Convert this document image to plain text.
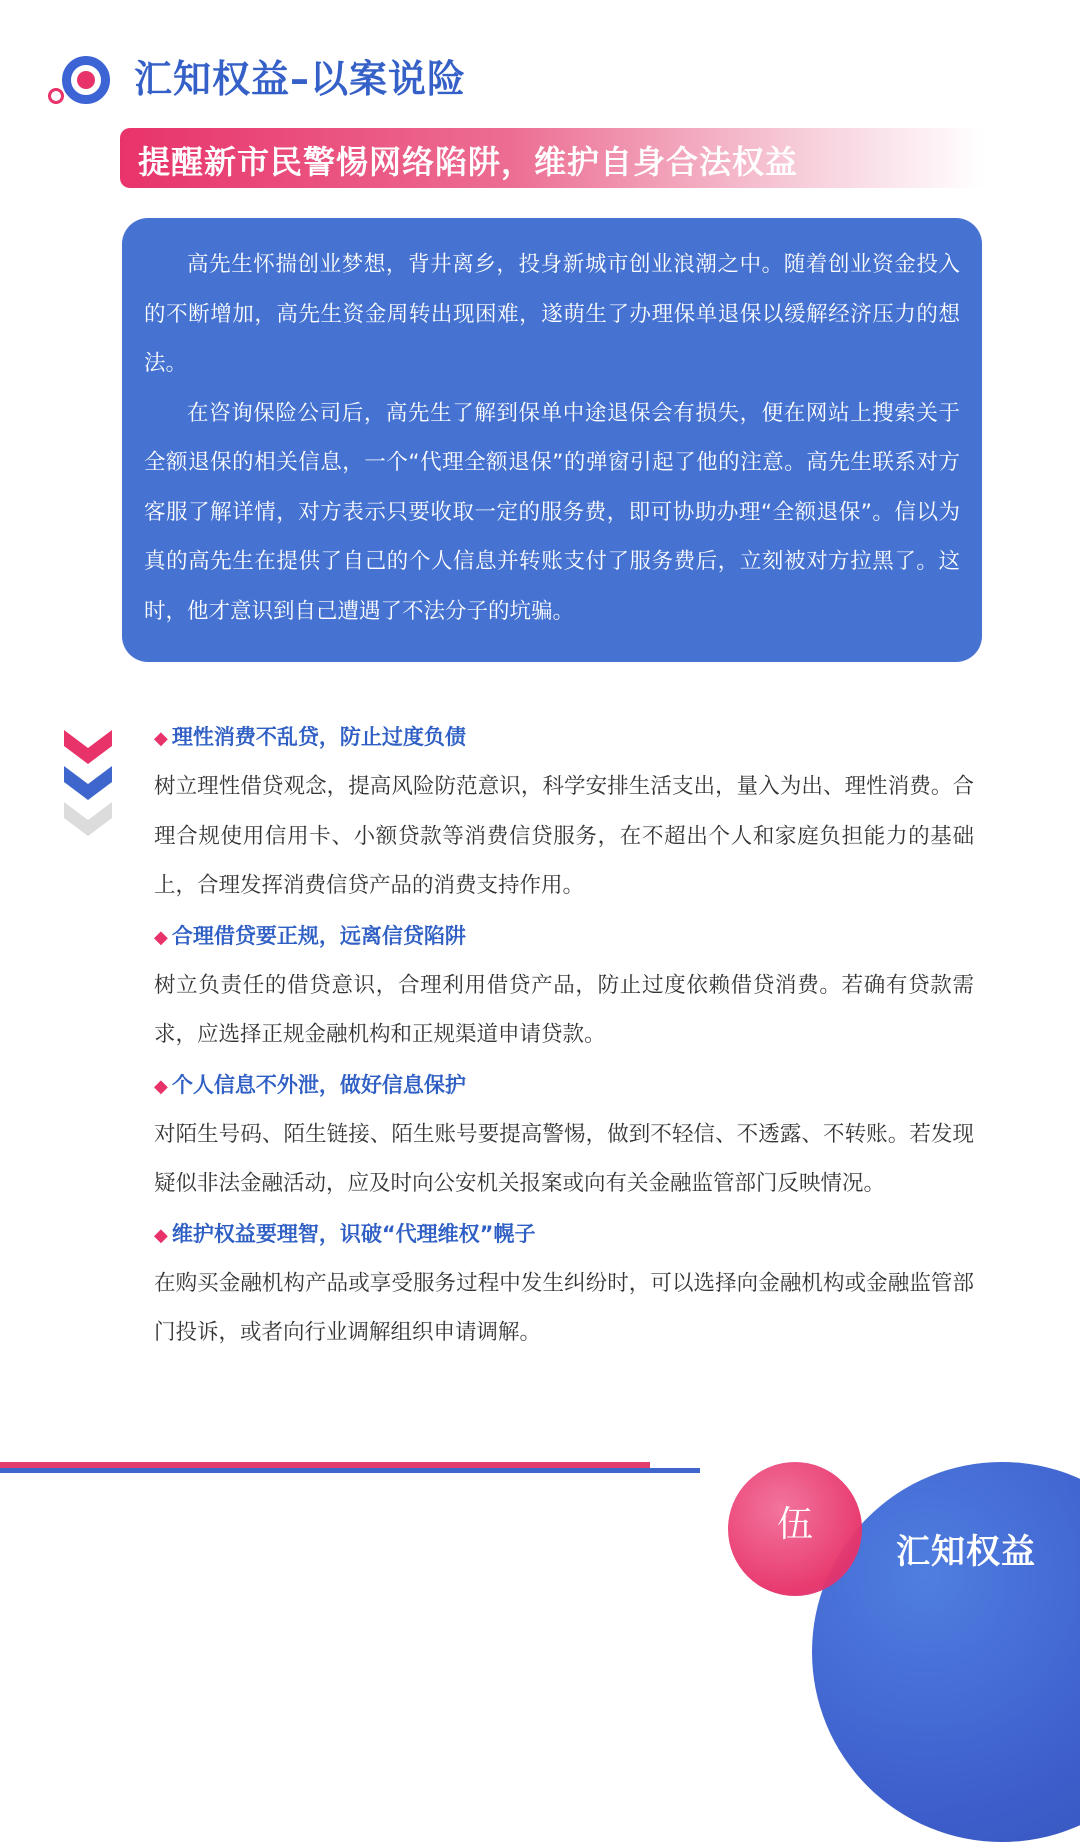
汇知权益–以案说险
提醒新市民警惕网络陷阱，维护自身合法权益

高先生怀揣创业梦想，背井离乡，投身新城市创业浪潮之中。随着创业资金投入的不断增加，高先生资金周转出现困难，遂萌生了办理保单退保以缓解经济压力的想法。

在咨询保险公司后，高先生了解到保单中途退保会有损失，便在网站上搜索关于全额退保的相关信息，一个“代理全额退保”的弹窗引起了他的注意。高先生联系对方客服了解详情，对方表示只要收取一定的服务费，即可协助办理“全额退保”。信以为真的高先生在提供了自己的个人信息并转账支付了服务费后，立刻被对方拉黑了。这时，他才意识到自己遭遇了不法分子的坑骗。

◆ 理性消费不乱贷，防止过度负债

树立理性借贷观念，提高风险防范意识，科学安排生活支出，量入为出、理性消费。合理合规使用信用卡、小额贷款等消费信贷服务，在不超出个人和家庭负担能力的基础上，合理发挥消费信贷产品的消费支持作用。

◆ 合理借贷要正规，远离信贷陷阱

树立负责任的借贷意识，合理利用借贷产品，防止过度依赖借贷消费。若确有贷款需求，应选择正规金融机构和正规渠道申请贷款。

◆ 个人信息不外泄，做好信息保护

对陌生号码、陌生链接、陌生账号要提高警惕，做到不轻信、不透露、不转账。若发现疑似非法金融活动，应及时向公安机关报案或向有关金融监管部门反映情况。

◆ 维护权益要理智，识破“代理维权”幌子

在购买金融机构产品或享受服务过程中发生纠纷时，可以选择向金融机构或金融监管部门投诉，或者向行业调解组织申请调解。

伍
汇知权益
